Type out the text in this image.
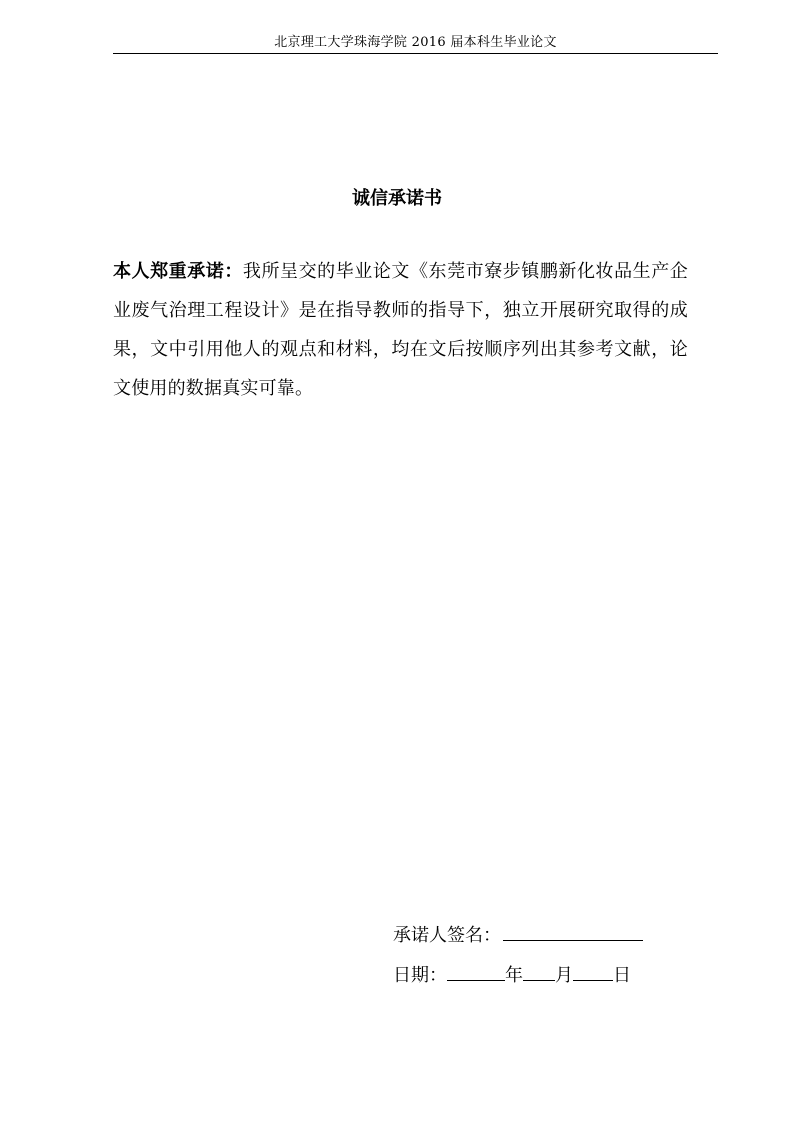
北京理工大学珠海学院 2016 届本科生毕业论文
诚信承诺书
本人郑重承诺：我所呈交的毕业论文《东莞市寮步镇鹏新化妆品生产企业废气治理工程设计》是在指导教师的指导下，独立开展研究取得的成果，文中引用他人的观点和材料，均在文后按顺序列出其参考文献，论文使用的数据真实可靠。
承诺人签名：
日期：	年 月 日
